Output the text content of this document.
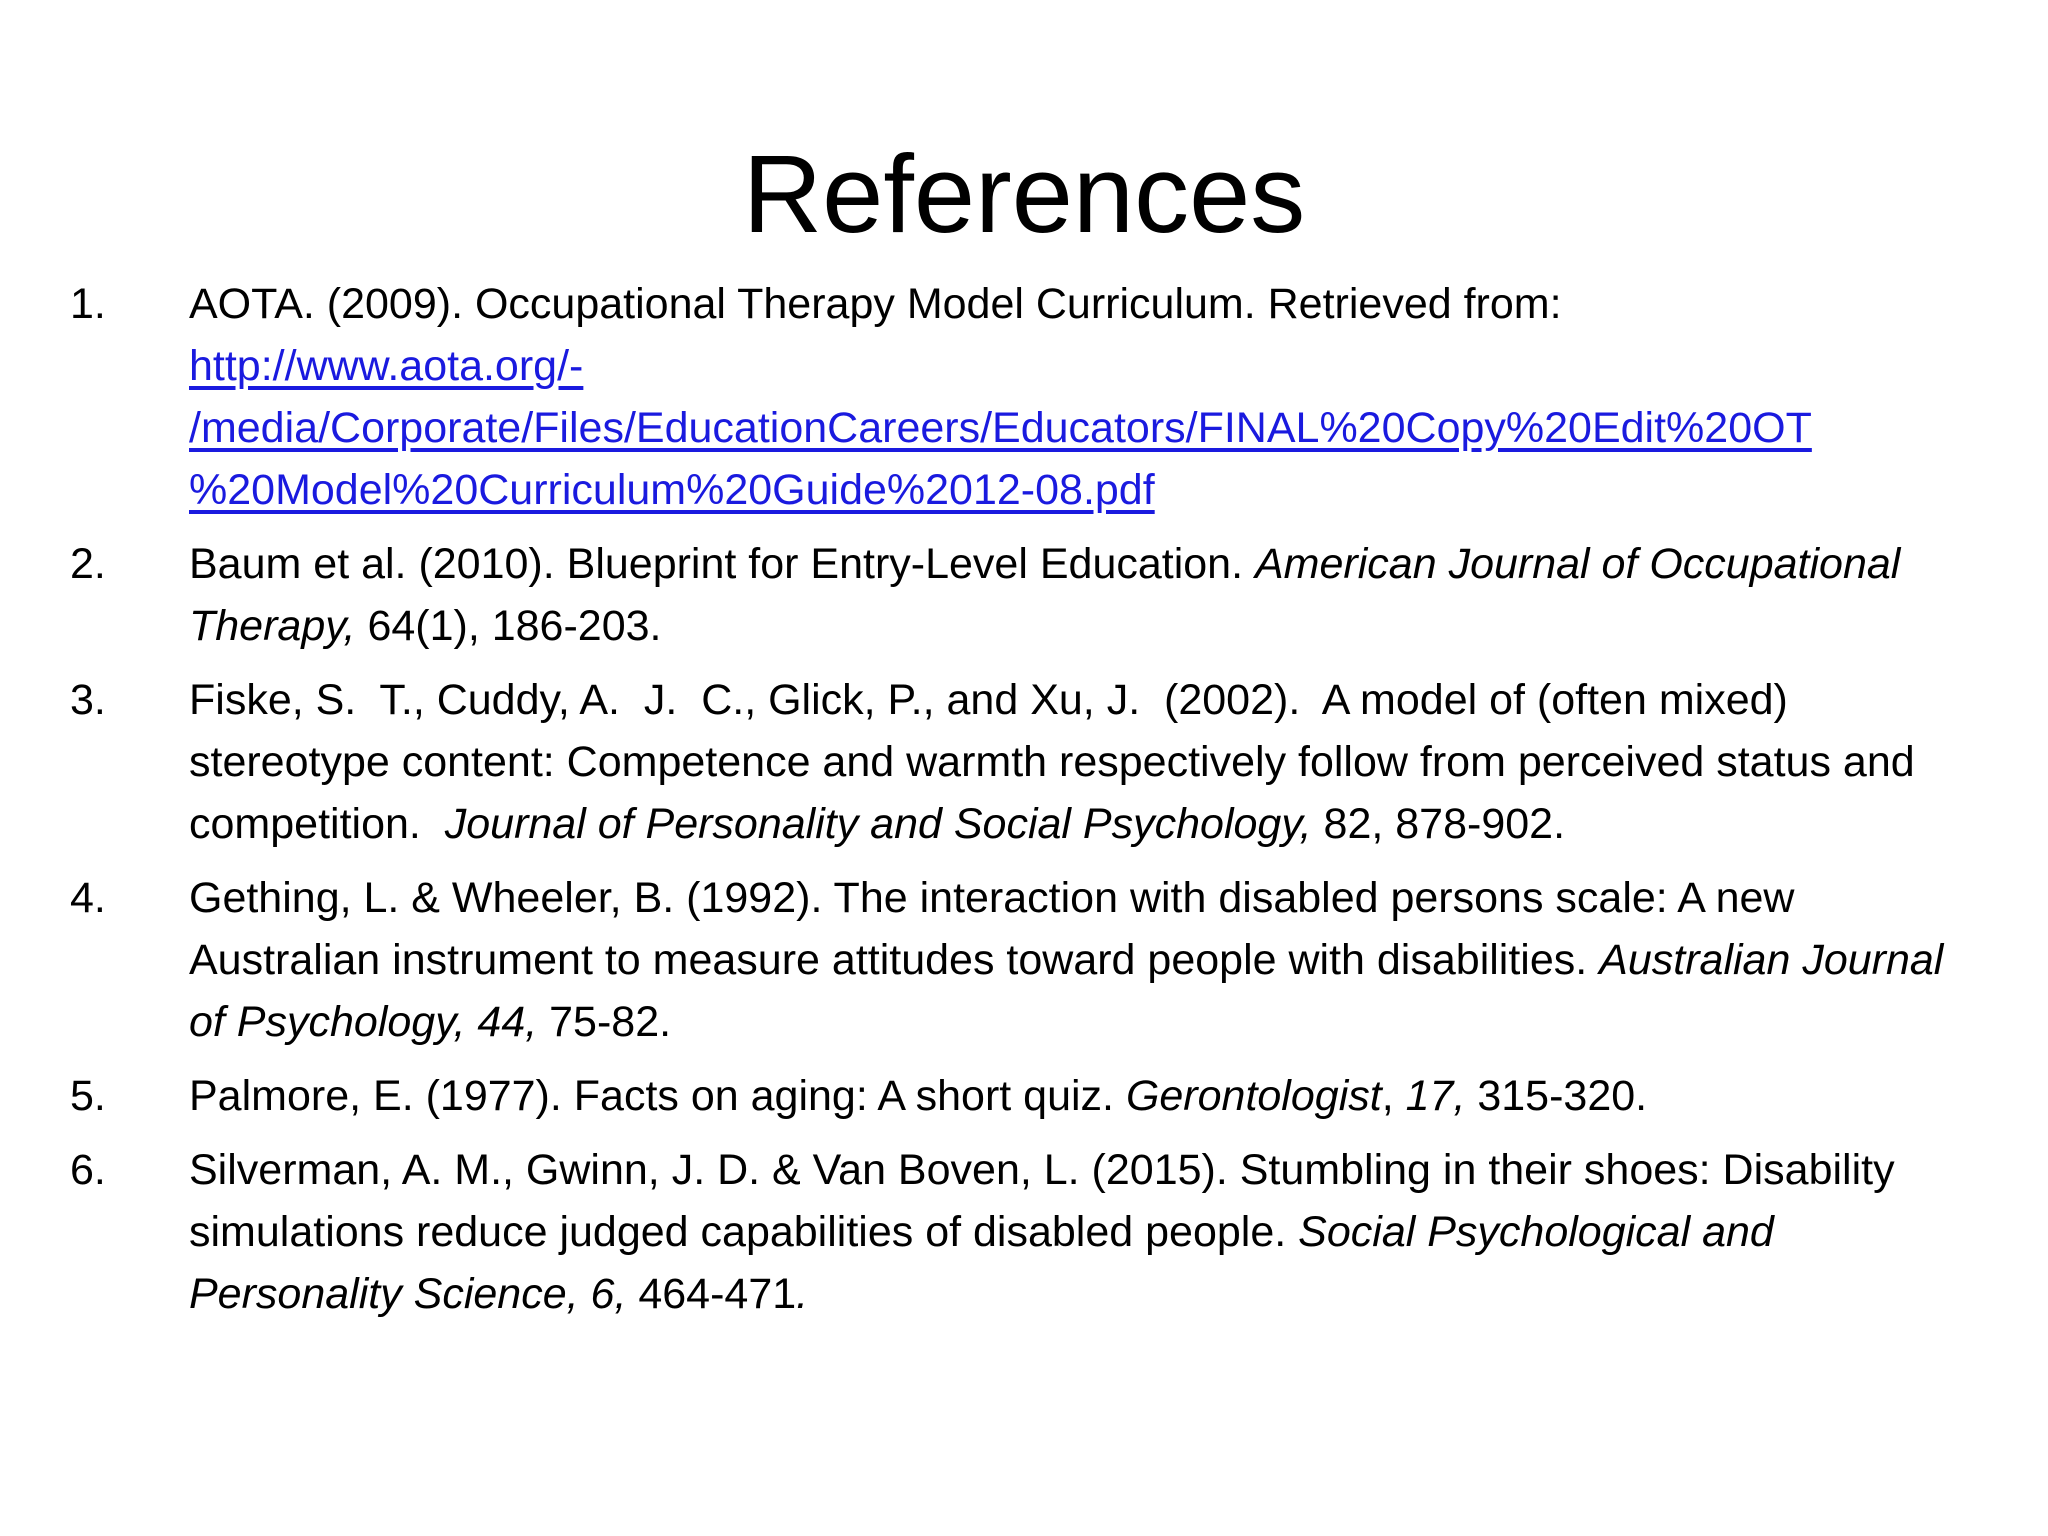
References
1. AOTA. (2009). Occupational Therapy Model Curriculum. Retrieved from:
http://www.aota.org/-
/media/Corporate/Files/EducationCareers/Educators/FINAL%20Copy%20Edit%20OT
%20Model%20Curriculum%20Guide%2012-08.pdf
2. Baum et al. (2010). Blueprint for Entry-Level Education. American Journal of Occupational Therapy, 64(1), 186-203.
3. Fiske, S.  T., Cuddy, A.  J.  C., Glick, P., and Xu, J.  (2002).  A model of (often mixed) stereotype content: Competence and warmth respectively follow from perceived status and competition.  Journal of Personality and Social Psychology, 82, 878-902.
4. Gething, L. & Wheeler, B. (1992). The interaction with disabled persons scale: A new Australian instrument to measure attitudes toward people with disabilities. Australian Journal of Psychology, 44, 75-82.
5. Palmore, E. (1977). Facts on aging: A short quiz. Gerontologist, 17, 315-320.
6. Silverman, A. M., Gwinn, J. D. & Van Boven, L. (2015). Stumbling in their shoes: Disability simulations reduce judged capabilities of disabled people. Social Psychological and Personality Science, 6, 464-471.
